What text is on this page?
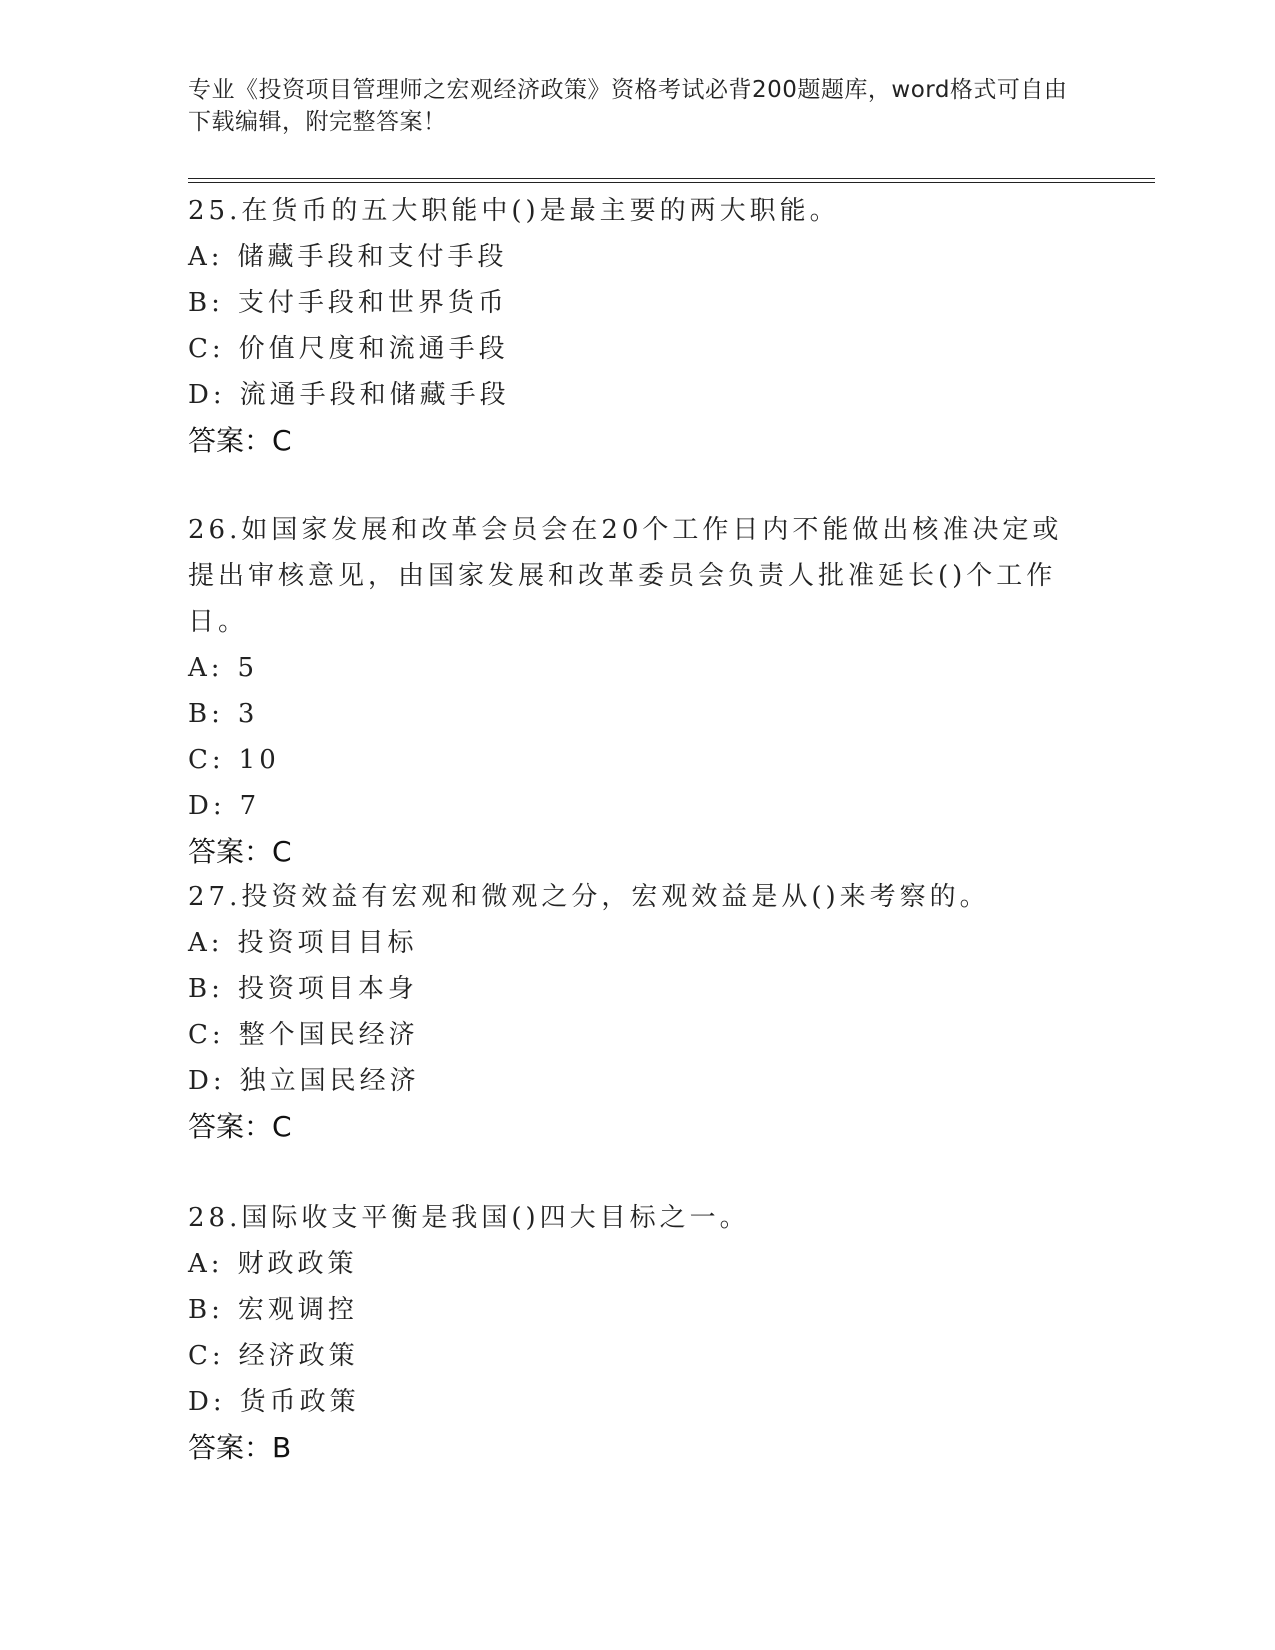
专业《投资项目管理师之宏观经济政策》资格考试必背200题题库，word格式可自由下载编辑，附完整答案！

25.在货币的五大职能中()是最主要的两大职能。

A: 储藏手段和支付手段
B: 支付手段和世界货币
C: 价值尺度和流通手段
D: 流通手段和储藏手段
答案：C

26.如国家发展和改革会员会在20个工作日内不能做出核准决定或提出审核意见，由国家发展和改革委员会负责人批准延长()个工作日。

A: 5
B: 3
C: 10
D: 7
答案：C

27.投资效益有宏观和微观之分，宏观效益是从()来考察的。

A: 投资项目目标
B: 投资项目本身
C: 整个国民经济
D: 独立国民经济
答案：C

28.国际收支平衡是我国()四大目标之一。

A: 财政政策
B: 宏观调控
C: 经济政策
D: 货币政策
答案：B
